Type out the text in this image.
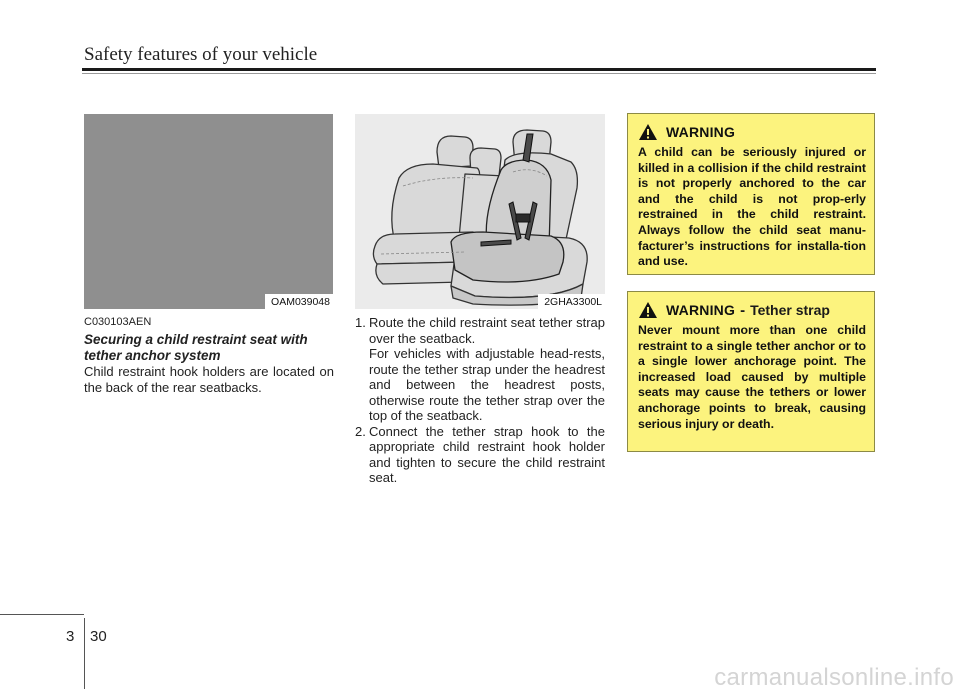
Safety features of your vehicle
OAM039048
C030103AEN
Securing a child restraint seat with tether anchor system
Child restraint hook holders are located on the back of the rear seatbacks.
2GHA3300L
1. Route the child restraint seat tether strap over the seatback.
For vehicles with adjustable head-rests, route the tether strap under the headrest and between the headrest posts, otherwise route the tether strap over the top of the seatback.
2. Connect the tether strap hook to the appropriate child restraint hook holder and tighten to secure the child restraint seat.
WARNING
A child can be seriously injured or killed in a collision if the child restraint is not properly anchored to the car and the child is not prop-erly restrained in the child restraint. Always follow the child seat manu-facturer’s instructions for installa-tion and use.
WARNING - Tether strap
Never mount more than one child restraint to a single tether anchor or to a single lower anchorage point. The increased load caused by multiple seats may cause the tethers or lower anchorage points to break, causing serious injury or death.
3 30
carmanualsonline.info
